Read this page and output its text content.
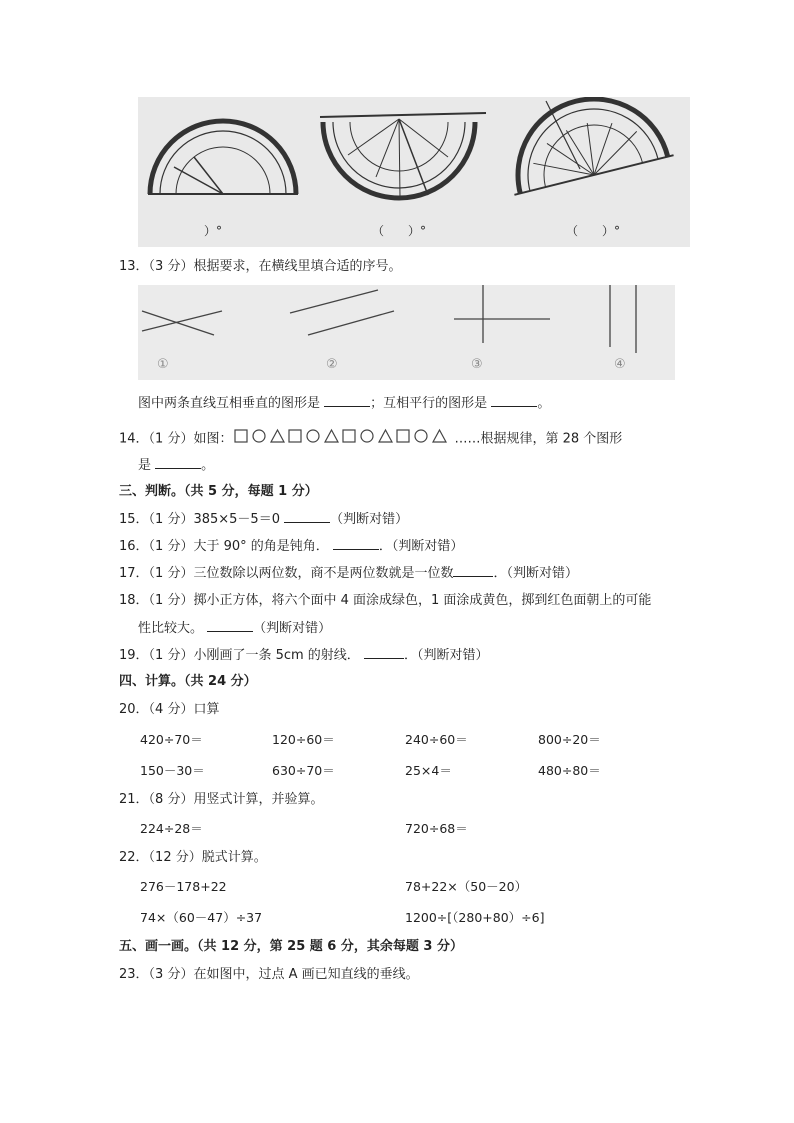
）°	（　　）°	（　　）°
13．（3 分）根据要求，在横线里填合适的序号。
①	②	③	④
图中两条直线互相垂直的图形是	；互相平行的图形是	。
14．（1 分）如图：	……根据规律，第 28 个图形
是	。
三、判断。（共 5 分，每题 1 分）
15．（1 分）385×5－5＝0	（判断对错）
16．（1 分）大于 90° 的角是钝角．	．（判断对错）
17．（1 分）三位数除以两位数，商不是两位数就是一位数	．（判断对错）
18．（1 分）掷小正方体，将六个面中 4 面涂成绿色，1 面涂成黄色，掷到红色面朝上的可能
性比较大。	（判断对错）
19．（1 分）小刚画了一条 5cm 的射线．	．（判断对错）
四、计算。（共 24 分）
20．（4 分）口算
420÷70＝	120÷60＝	240÷60＝	800÷20＝
150－30＝	630÷70＝	25×4＝	480÷80＝
21．（8 分）用竖式计算，并验算。
224÷28＝	720÷68＝
22．（12 分）脱式计算。
276－178+22	78+22×（50－20）
74×（60－47）÷37	1200÷[（280+80）÷6]
五、画一画。（共 12 分，第 25 题 6 分，其余每题 3 分）
23．（3 分）在如图中，过点 A 画已知直线的垂线。
